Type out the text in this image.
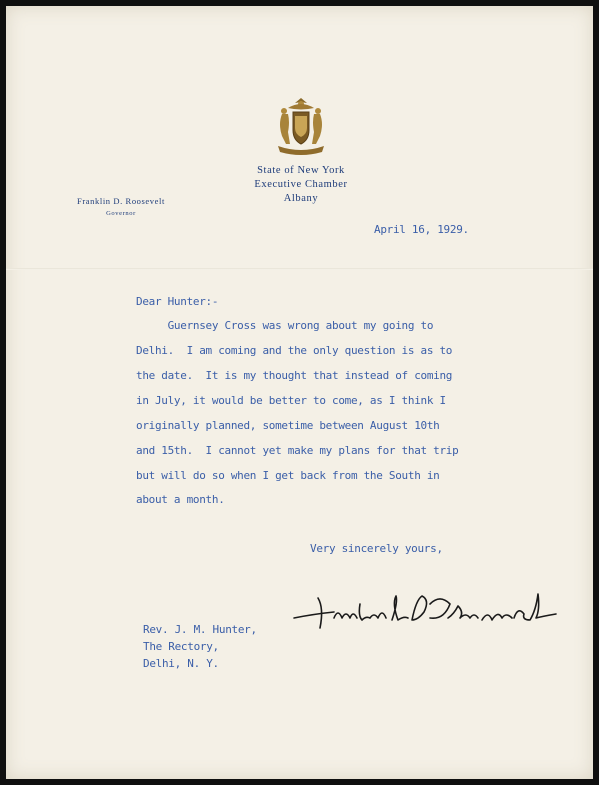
State of New York
Executive Chamber
Albany
Franklin D. Roosevelt
Governor
April 16, 1929.
Dear Hunter:-
Guernsey Cross was wrong about my going to
Delhi.  I am coming and the only question is as to
the date.  It is my thought that instead of coming
in July, it would be better to come, as I think I
originally planned, sometime between August 10th
and 15th.  I cannot yet make my plans for that trip
but will do so when I get back from the South in
about a month.
Very sincerely yours,
Rev. J. M. Hunter,
The Rectory,
Delhi, N. Y.
